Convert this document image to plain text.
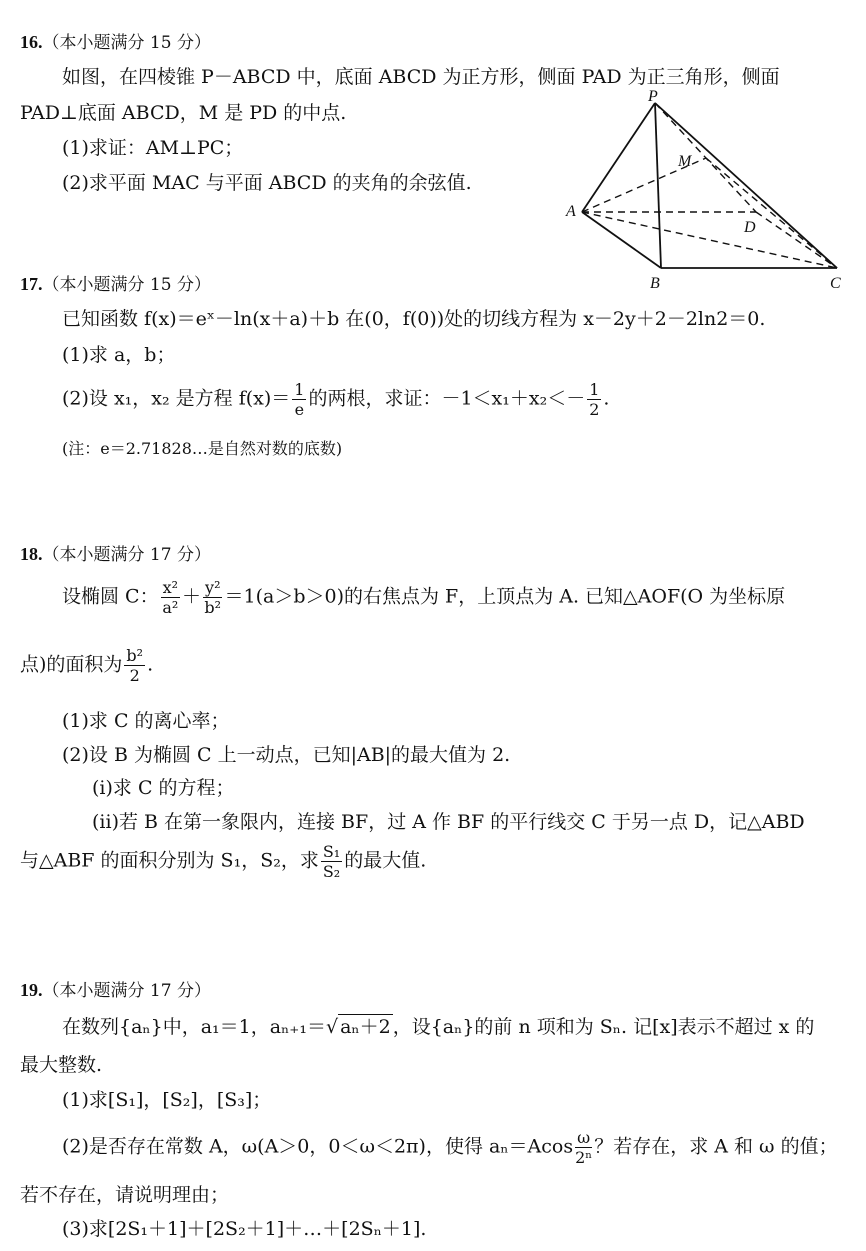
16.（本小题满分 15 分）
如图，在四棱锥 P－ABCD 中，底面 ABCD 为正方形，侧面 PAD 为正三角形，侧面
PAD⊥底面 ABCD，M 是 PD 的中点.
(1)求证：AM⊥PC；
(2)求平面 MAC 与平面 ABCD 的夹角的余弦值.
P
M
A
D
B	C
17.（本小题满分 15 分）
已知函数 f(x)＝eˣ－ln(x＋a)＋b 在(0，f(0))处的切线方程为 x－2y＋2－2ln2＝0.
(1)求 a，b；
(2)设 x₁，x₂ 是方程 $f(x)= \frac{1}{e}$ 的两根，求证：$-1<x_1+x_2<- \frac{1}{2}$ .
(注：e＝2.71828…是自然对数的底数)
18.（本小题满分 17 分）
设椭圆 C： $\frac{\text{x²}}{\text{a²}} + \frac{\text{y²}}{\text{b²}} =1(a>b>0)$的右焦点为 F，上顶点为 A. 已知△AOF(O 为坐标原
点)的面积为 $\frac{\text{b²}}{2}$ .
(1)求 C 的离心率；
(2)设 B 为椭圆 C 上一动点，已知|AB|的最大值为 2.
(i)求 C 的方程；
(ii)若 B 在第一象限内，连接 BF，过 A 作 BF 的平行线交 C 于另一点 D，记△ABD
与△ABF 的面积分别为 S₁，S₂，求 $\frac{\text{S₁}}{\text{S₂}}$ 的最大值.
19.（本小题满分 17 分）
在数列{aₙ}中，a₁＝1，aₙ₊₁＝√ aₙ＋2 ，设{aₙ}的前 n 项和为 Sₙ. 记[x]表示不超过 x 的
最大整数.
(1)求[S₁]，[S₂]，[S₃]；
(2)是否存在常数 A，ω(A＞0，0＜ω＜2π)，使得 $a_n=Acos \frac{\omega}{\text{2ⁿ}}$ ？若存在，求 A 和 ω 的值；
若不存在，请说明理由；
(3)求[2S₁＋1]＋[2S₂＋1]＋…＋[2Sₙ＋1].
